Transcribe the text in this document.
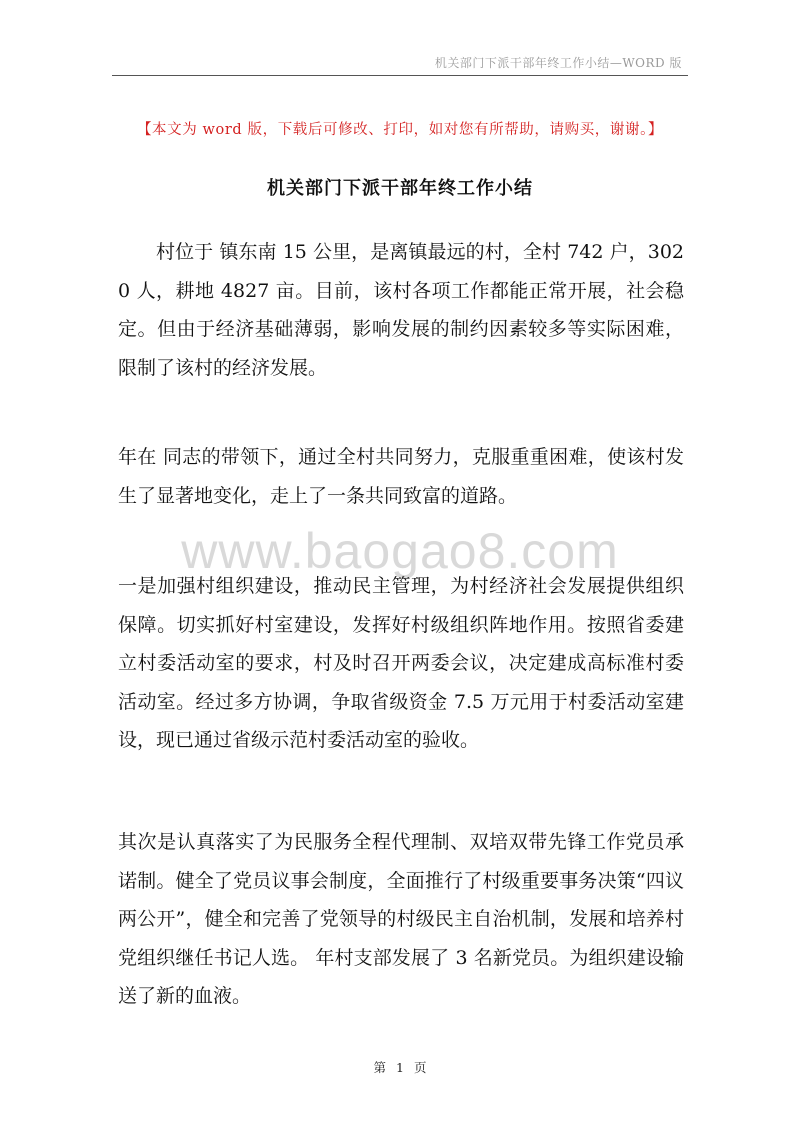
机关部门下派干部年终工作小结—WORD 版
【本文为 word 版，下载后可修改、打印，如对您有所帮助，请购买，谢谢。】
机关部门下派干部年终工作小结

村位于 镇东南 15 公里，是离镇最远的村，全村 742 户，3020 人，耕地 4827 亩。目前，该村各项工作都能正常开展，社会稳定。但由于经济基础薄弱，影响发展的制约因素较多等实际困难，限制了该村的经济发展。

年在 同志的带领下，通过全村共同努力，克服重重困难，使该村发生了显著地变化，走上了一条共同致富的道路。

www.baogao8.com

一是加强村组织建设，推动民主管理，为村经济社会发展提供组织保障。切实抓好村室建设，发挥好村级组织阵地作用。按照省委建立村委活动室的要求，村及时召开两委会议，决定建成高标准村委活动室。经过多方协调，争取省级资金 7.5 万元用于村委活动室建设，现已通过省级示范村委活动室的验收。

其次是认真落实了为民服务全程代理制、双培双带先锋工作党员承诺制。健全了党员议事会制度，全面推行了村级重要事务决策“四议两公开”，健全和完善了党领导的村级民主自治机制，发展和培养村党组织继任书记人选。 年村支部发展了 3 名新党员。为组织建设输送了新的血液。

第 1 页
